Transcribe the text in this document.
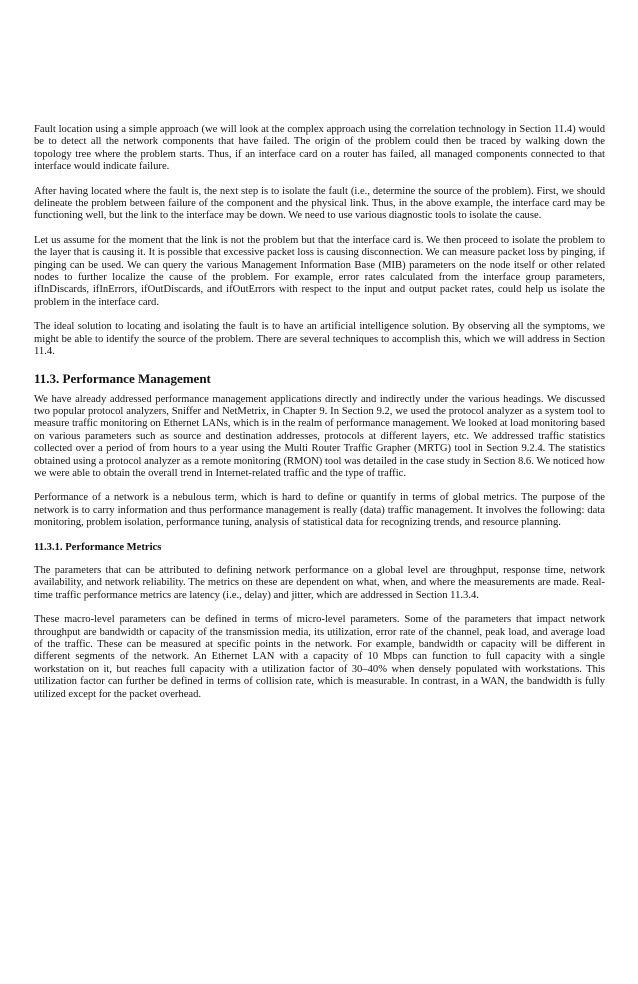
Fault location using a simple approach (we will look at the complex approach using the correlation technology in Section 11.4) would be to detect all the network components that have failed. The origin of the problem could then be traced by walking down the topology tree where the problem starts. Thus, if an interface card on a router has failed, all managed components connected to that interface would indicate failure.

After having located where the fault is, the next step is to isolate the fault (i.e., determine the source of the problem). First, we should delineate the problem between failure of the component and the physical link. Thus, in the above example, the interface card may be functioning well, but the link to the interface may be down. We need to use various diagnostic tools to isolate the cause.

Let us assume for the moment that the link is not the problem but that the interface card is. We then proceed to isolate the problem to the layer that is causing it. It is possible that excessive packet loss is causing disconnection. We can measure packet loss by pinging, if pinging can be used. We can query the various Management Information Base (MIB) parameters on the node itself or other related nodes to further localize the cause of the problem. For example, error rates calculated from the interface group parameters, ifInDiscards, ifInErrors, ifOutDiscards, and ifOutErrors with respect to the input and output packet rates, could help us isolate the problem in the interface card.

The ideal solution to locating and isolating the fault is to have an artificial intelligence solution. By observing all the symptoms, we might be able to identify the source of the problem. There are several techniques to accomplish this, which we will address in Section 11.4.

11.3. Performance Management

We have already addressed performance management applications directly and indirectly under the various headings. We discussed two popular protocol analyzers, Sniffer and NetMetrix, in Chapter 9. In Section 9.2, we used the protocol analyzer as a system tool to measure traffic monitoring on Ethernet LANs, which is in the realm of performance management. We looked at load monitoring based on various parameters such as source and destination addresses, protocols at different layers, etc. We addressed traffic statistics collected over a period of from hours to a year using the Multi Router Traffic Grapher (MRTG) tool in Section 9.2.4. The statistics obtained using a protocol analyzer as a remote monitoring (RMON) tool was detailed in the case study in Section 8.6. We noticed how we were able to obtain the overall trend in Internet-related traffic and the type of traffic.

Performance of a network is a nebulous term, which is hard to define or quantify in terms of global metrics. The purpose of the network is to carry information and thus performance management is really (data) traffic management. It involves the following: data monitoring, problem isolation, performance tuning, analysis of statistical data for recognizing trends, and resource planning.

11.3.1. Performance Metrics

The parameters that can be attributed to defining network performance on a global level are throughput, response time, network availability, and network reliability. The metrics on these are dependent on what, when, and where the measurements are made. Real-time traffic performance metrics are latency (i.e., delay) and jitter, which are addressed in Section 11.3.4.

These macro-level parameters can be defined in terms of micro-level parameters. Some of the parameters that impact network throughput are bandwidth or capacity of the transmission media, its utilization, error rate of the channel, peak load, and average load of the traffic. These can be measured at specific points in the network. For example, bandwidth or capacity will be different in different segments of the network. An Ethernet LAN with a capacity of 10 Mbps can function to full capacity with a single workstation on it, but reaches full capacity with a utilization factor of 30–40% when densely populated with workstations. This utilization factor can further be defined in terms of collision rate, which is measurable. In contrast, in a WAN, the bandwidth is fully utilized except for the packet overhead.
